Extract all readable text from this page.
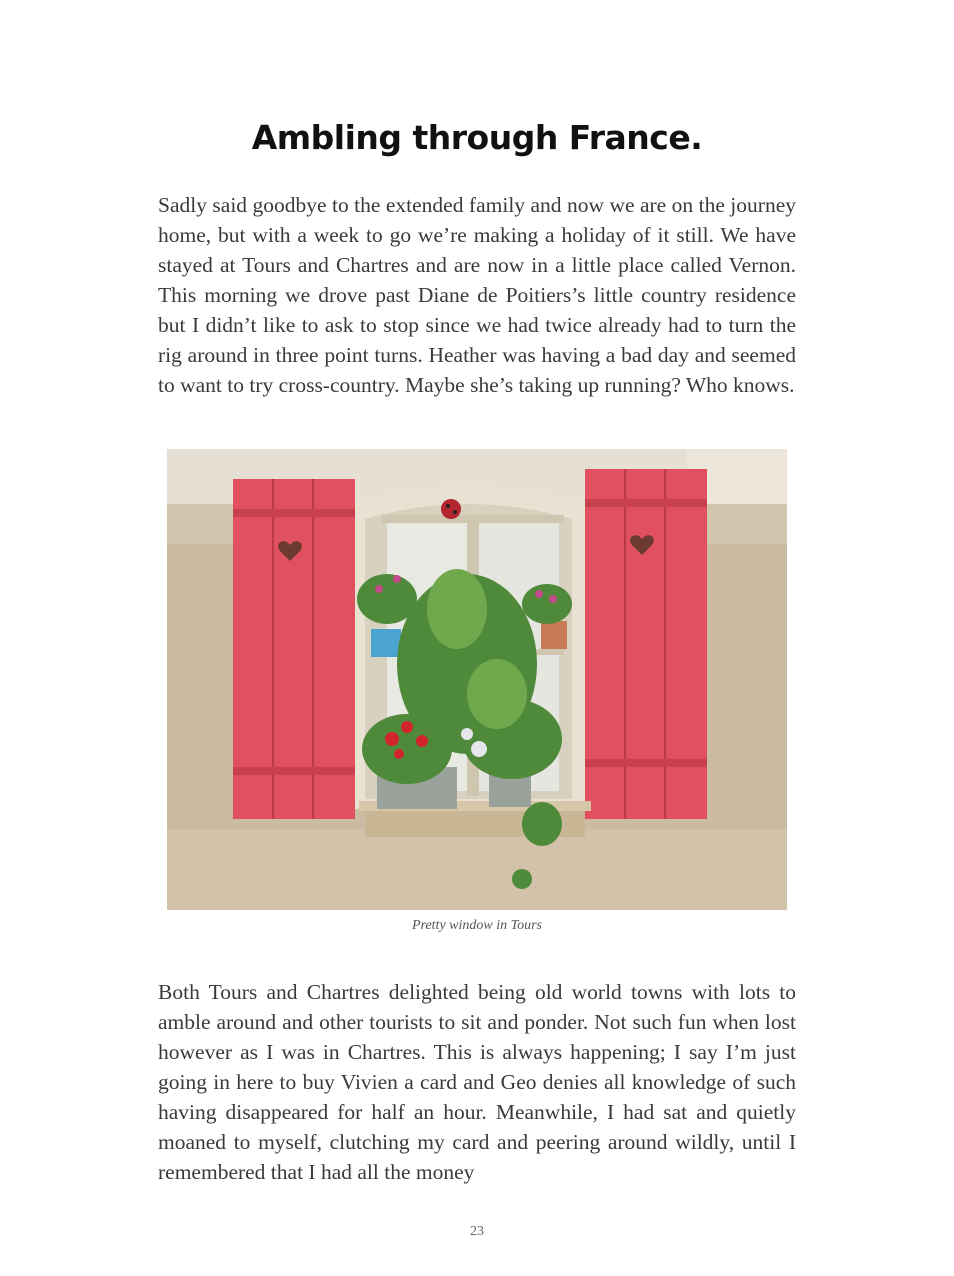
Ambling through France.

Sadly said goodbye to the extended family and now we are on the journey home, but with a week to go we’re making a holiday of it still. We have stayed at Tours and Chartres and are now in a little place called Vernon. This morning we drove past Diane de Poitiers’s little country residence but I didn’t like to ask to stop since we had twice already had to turn the rig around in three point turns. Heather was having a bad day and seemed to want to try cross-country. Maybe she’s taking up running? Who knows.

Pretty window in Tours

Both Tours and Chartres delighted being old world towns with lots to amble around and other tourists to sit and ponder. Not such fun when lost however as I was in Chartres. This is always happening; I say I’m just going in here to buy Vivien a card and Geo denies all knowledge of such having disappeared for half an hour. Meanwhile, I had sat and quietly moaned to myself, clutching my card and peering around wildly, until I remembered that I had all the money

23
